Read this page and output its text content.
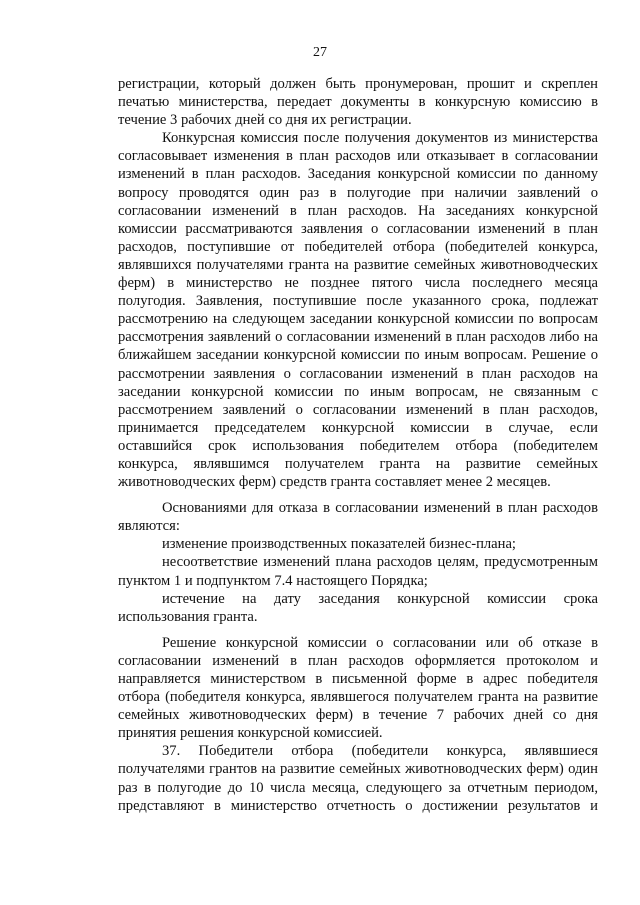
27

регистрации, который должен быть пронумерован, прошит и скреплен печатью министерства, передает документы в конкурсную комиссию в течение 3 рабочих дней со дня их регистрации.

Конкурсная комиссия после получения документов из министерства согласовывает изменения в план расходов или отказывает в согласовании изменений в план расходов. Заседания конкурсной комиссии по данному вопросу проводятся один раз в полугодие при наличии заявлений о согласовании изменений в план расходов. На заседаниях конкурсной комиссии рассматриваются заявления о согласовании изменений в план расходов, поступившие от победителей отбора (победителей конкурса, являвшихся получателями гранта на развитие семейных животноводческих ферм) в министерство не позднее пятого числа последнего месяца полугодия. Заявления, поступившие после указанного срока, подлежат рассмотрению на следующем заседании конкурсной комиссии по вопросам рассмотрения заявлений о согласовании изменений в план расходов либо на ближайшем заседании конкурсной комиссии по иным вопросам. Решение о рассмотрении заявления о согласовании изменений в план расходов на заседании конкурсной комиссии по иным вопросам, не связанным с рассмотрением заявлений о согласовании изменений в план расходов, принимается председателем конкурсной комиссии в случае, если оставшийся срок использования победителем отбора (победителем конкурса, являвшимся получателем гранта на развитие семейных животноводческих ферм) средств гранта составляет менее 2 месяцев.

Основаниями для отказа в согласовании изменений в план расходов являются:

изменение производственных показателей бизнес-плана;

несоответствие изменений плана расходов целям, предусмотренным пунктом 1 и подпунктом 7.4 настоящего Порядка;

истечение на дату заседания конкурсной комиссии срока использования гранта.

Решение конкурсной комиссии о согласовании или об отказе в согласовании изменений в план расходов оформляется протоколом и направляется министерством в письменной форме в адрес победителя отбора (победителя конкурса, являвшегося получателем гранта на развитие семейных животноводческих ферм) в течение 7 рабочих дней со дня принятия решения конкурсной комиссией.

37. Победители отбора (победители конкурса, являвшиеся получателями грантов на развитие семейных животноводческих ферм) один раз в полугодие до 10 числа месяца, следующего за отчетным периодом, представляют в министерство отчетность о достижении результатов и
